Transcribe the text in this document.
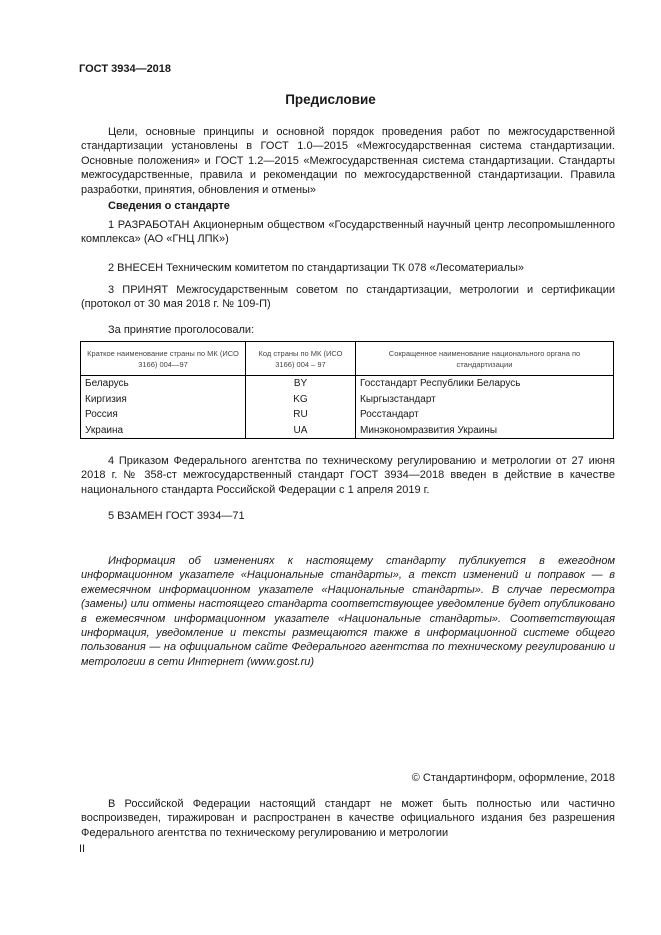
ГОСТ 3934—2018
Предисловие
Цели, основные принципы и основной порядок проведения работ по межгосударственной стандартизации установлены в ГОСТ 1.0—2015 «Межгосударственная система стандартизации. Основные положения» и ГОСТ 1.2—2015 «Межгосударственная система стандартизации. Стандарты межгосударственные, правила и рекомендации по межгосударственной стандартизации. Правила разработки, принятия, обновления и отмены»
Сведения о стандарте
1 РАЗРАБОТАН Акционерным обществом «Государственный научный центр лесопромышленного комплекса» (АО «ГНЦ ЛПК»)
2 ВНЕСЕН Техническим комитетом по стандартизации ТК 078 «Лесоматериалы»
3 ПРИНЯТ Межгосударственным советом по стандартизации, метрологии и сертификации (протокол от 30 мая 2018 г. № 109-П)
За принятие проголосовали:
Краткое наименование страны по МК (ИСО 3166) 004—97	Код страны по МК (ИСО 3166) 004 – 97	Сокращенное наименование национального органа по стандартизации
Беларусь	BY	Госстандарт Республики Беларусь
Киргизия	KG	Кыргызстандарт
Россия	RU	Росстандарт
Украина	UA	Минэкономразвития Украины
4 Приказом Федерального агентства по техническому регулированию и метрологии от 27 июня 2018 г. № 358-ст межгосударственный стандарт ГОСТ 3934—2018 введен в действие в качестве национального стандарта Российской Федерации с 1 апреля 2019 г.
5 ВЗАМЕН ГОСТ 3934—71
Информация об изменениях к настоящему стандарту публикуется в ежегодном информационном указателе «Национальные стандарты», а текст изменений и поправок — в ежемесячном информационном указателе «Национальные стандарты». В случае пересмотра (замены) или отмены настоящего стандарта соответствующее уведомление будет опубликовано в ежемесячном информационном указателе «Национальные стандарты». Соответствующая информация, уведомление и тексты размещаются также в информационной системе общего пользования — на официальном сайте Федерального агентства по техническому регулированию и метрологии в сети Интернет (www.gost.ru)
© Стандартинформ, оформление, 2018
В Российской Федерации настоящий стандарт не может быть полностью или частично воспроизведен, тиражирован и распространен в качестве официального издания без разрешения Федерального агентства по техническому регулированию и метрологии
II
